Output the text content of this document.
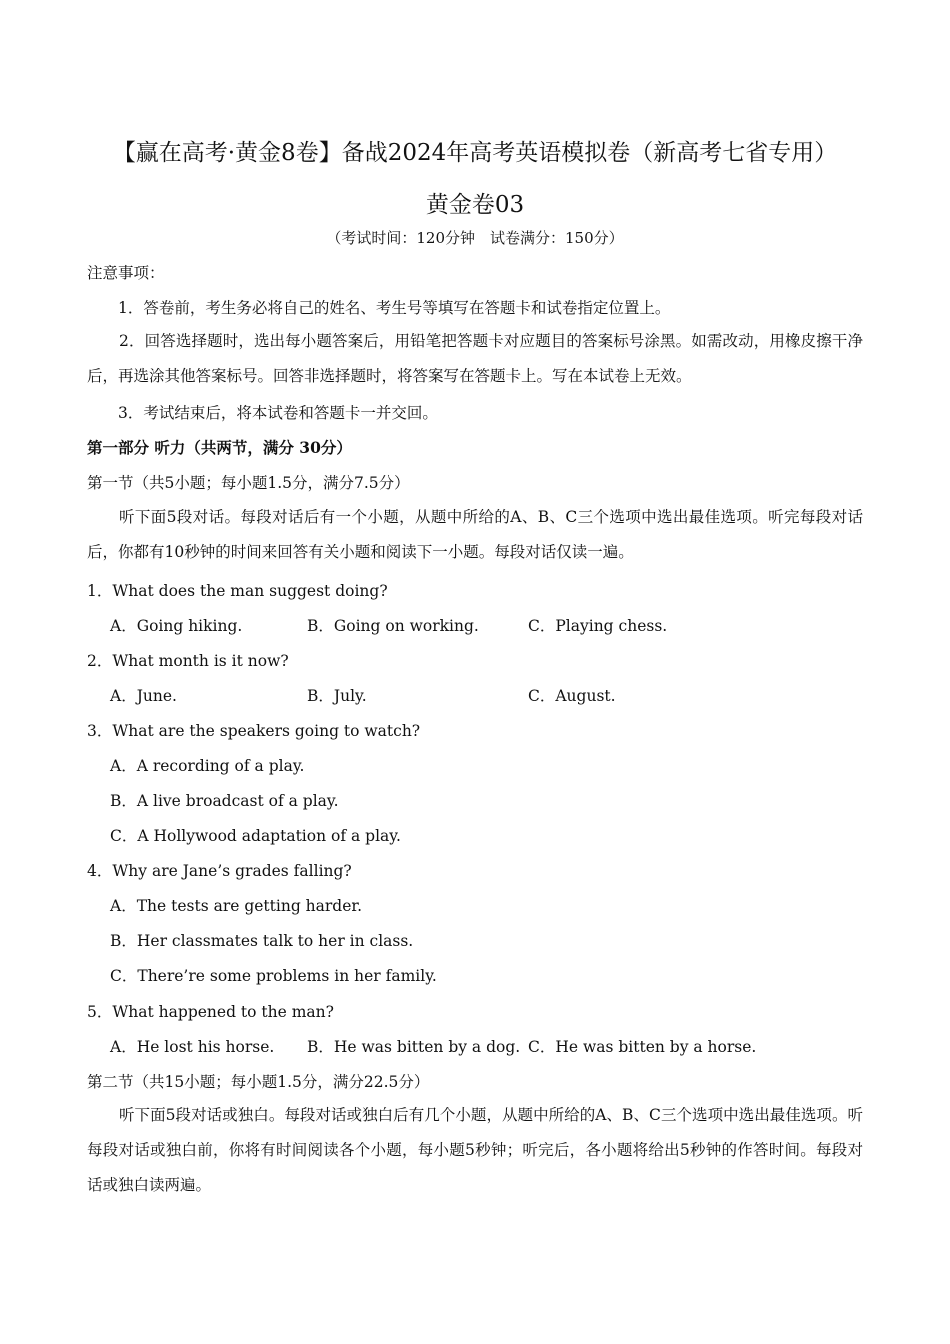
【赢在高考·黄金8卷】备战2024年高考英语模拟卷（新高考七省专用）
黄金卷03
（考试时间：120分钟　试卷满分：150分）
注意事项：
1．答卷前，考生务必将自己的姓名、考生号等填写在答题卡和试卷指定位置上。
2．回答选择题时，选出每小题答案后，用铅笔把答题卡对应题目的答案标号涂黑。如需改动，用橡皮擦干净后，再选涂其他答案标号。回答非选择题时，将答案写在答题卡上。写在本试卷上无效。
3．考试结束后，将本试卷和答题卡一并交回。
第一部分 听力（共两节，满分 30分）
第一节（共5小题；每小题1.5分，满分7.5分）
听下面5段对话。每段对话后有一个小题，从题中所给的A、B、C三个选项中选出最佳选项。听完每段对话后，你都有10秒钟的时间来回答有关小题和阅读下一小题。每段对话仅读一遍。
1．What does the man suggest doing?
A．Going hiking.	B．Going on working.	C．Playing chess.
2．What month is it now?
A．June.	B．July.	C．August.
3．What are the speakers going to watch?
A．A recording of a play.
B．A live broadcast of a play.
C．A Hollywood adaptation of a play.
4．Why are Jane’s grades falling?
A．The tests are getting harder.
B．Her classmates talk to her in class.
C．There’re some problems in her family.
5．What happened to the man?
A．He lost his horse. B．He was bitten by a dog. C．He was bitten by a horse.
第二节（共15小题；每小题1.5分，满分22.5分）
听下面5段对话或独白。每段对话或独白后有几个小题，从题中所给的A、B、C三个选项中选出最佳选项。听每段对话或独白前，你将有时间阅读各个小题，每小题5秒钟；听完后，各小题将给出5秒钟的作答时间。每段对话或独白读两遍。
